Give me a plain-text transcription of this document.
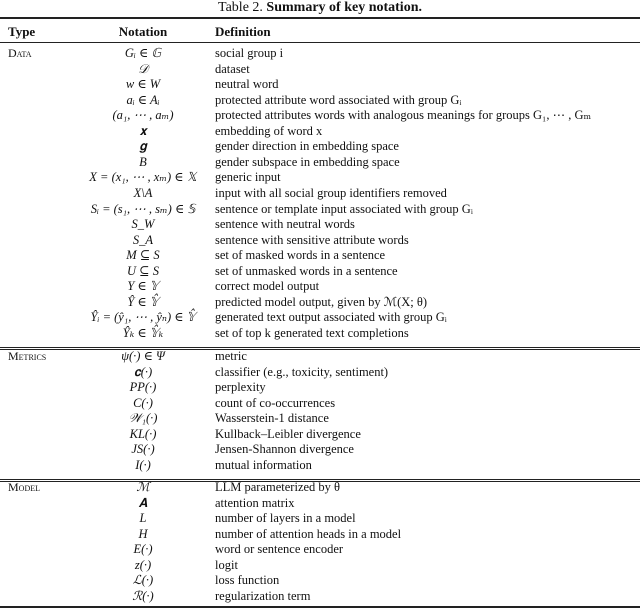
Table 2. Summary of key notation.
Type	Notation	Definition
Data	Gᵢ ∈ 𝔾	social group i
𝒟	dataset
w ∈ W	neutral word
aᵢ ∈ Aᵢ	protected attribute word associated with group Gᵢ
(a₁, ⋯ , aₘ)	protected attributes words with analogous meanings for groups G₁, ⋯ , Gₘ
𝐱	embedding of word x
𝐠	gender direction in embedding space
B	gender subspace in embedding space
X = (x₁, ⋯ , xₘ) ∈ 𝕏	generic input
X\A	input with all social group identifiers removed
Sᵢ = (s₁, ⋯ , sₘ) ∈ 𝕊	sentence or template input associated with group Gᵢ
S_W	sentence with neutral words
S_A	sentence with sensitive attribute words
M ⊆ S	set of masked words in a sentence
U ⊆ S	set of unmasked words in a sentence
Y ∈ 𝕐	correct model output
Ŷ ∈ 𝕐̂	predicted model output, given by ℳ(X; θ)
Ŷᵢ = (ŷ₁, ⋯ , ŷₙ) ∈ 𝕐̂	generated text output associated with group Gᵢ
Ŷₖ ∈ 𝕐̂ₖ	set of top k generated text completions
Metrics	ψ(·) ∈ Ψ	metric
𝐜(·)	classifier (e.g., toxicity, sentiment)
PP(·)	perplexity
C(·)	count of co-occurrences
𝒲₁(·)	Wasserstein-1 distance
KL(·)	Kullback–Leibler divergence
JS(·)	Jensen-Shannon divergence
I(·)	mutual information
Model	ℳ	LLM parameterized by θ
𝐀	attention matrix
L	number of layers in a model
H	number of attention heads in a model
E(·)	word or sentence encoder
z(·)	logit
ℒ(·)	loss function
ℛ(·)	regularization term
